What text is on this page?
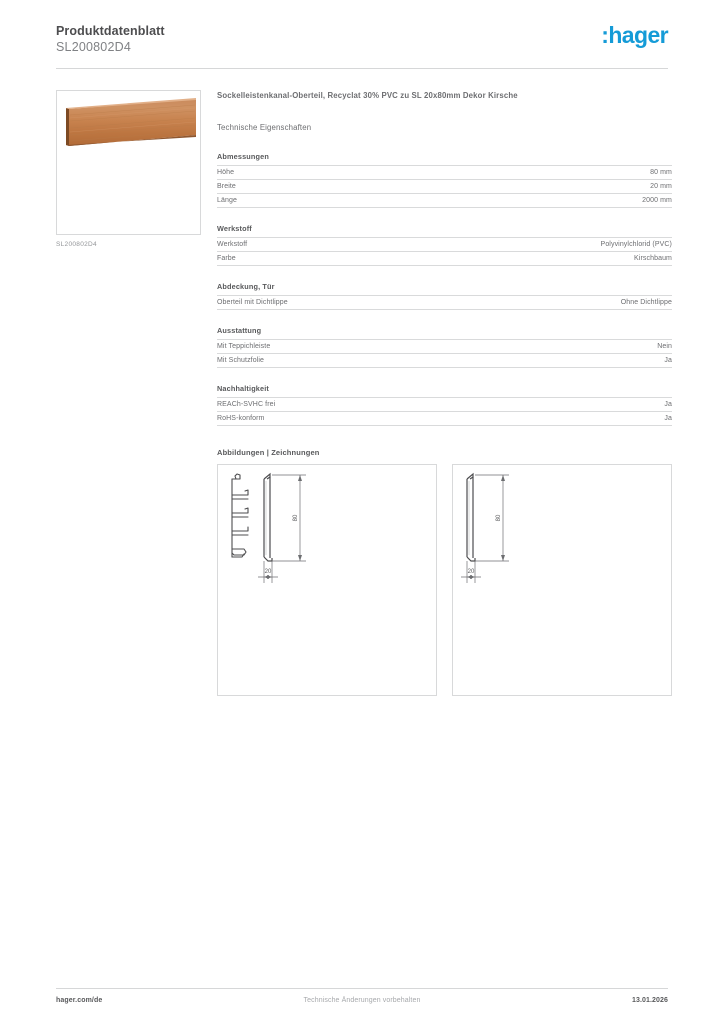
Produktdatenblatt
SL200802D4	:hager
SL200802D4
Sockelleistenkanal-Oberteil, Recyclat 30% PVC zu SL 20x80mm Dekor Kirsche
Technische Eigenschaften
Abmessungen
Höhe	80 mm
Breite	20 mm
Länge	2000 mm
Werkstoff
Werkstoff	Polyvinylchlorid (PVC)
Farbe	Kirschbaum
Abdeckung, Tür
Oberteil mit Dichtlippe	Ohne Dichtlippe
Ausstattung
Mit Teppichleiste	Nein
Mit Schutzfolie	Ja
Nachhaltigkeit
REACh-SVHC frei	Ja
RoHS-konform	Ja
Abbildungen | Zeichnungen
80
20
80
20
hager.com/de	Technische Änderungen vorbehalten	13.01.2026
